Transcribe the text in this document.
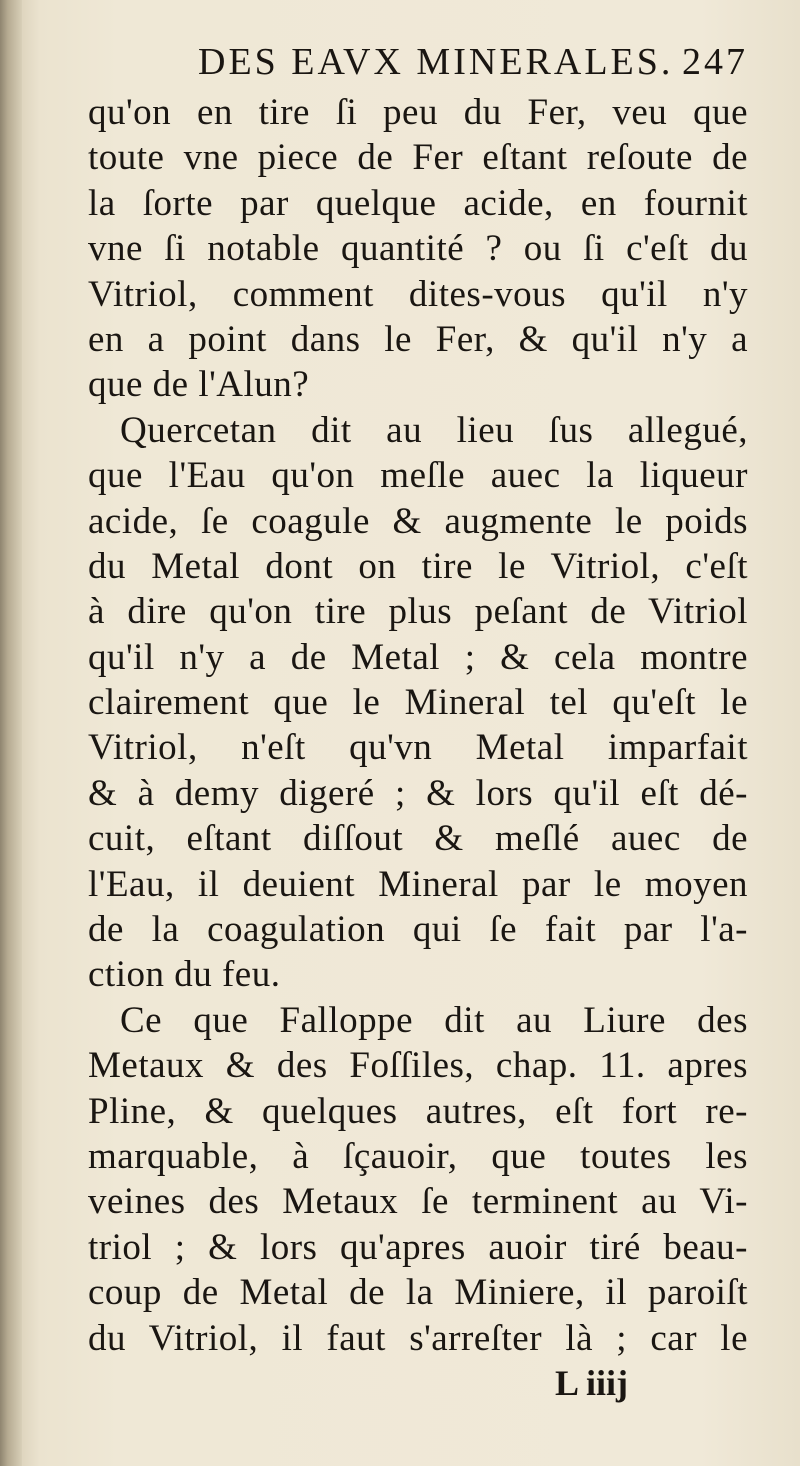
DES EAVX MINERALES. 247
qu'on en tire ſi peu du Fer, veu que
toute vne piece de Fer eſtant reſoute de
la ſorte par quelque acide, en fournit
vne ſi notable quantité ? ou ſi c'eſt du
Vitriol, comment dites-vous qu'il n'y
en a point dans le Fer, & qu'il n'y a
que de l'Alun?
Quercetan dit au lieu ſus allegué,
que l'Eau qu'on meſle auec la liqueur
acide, ſe coagule & augmente le poids
du Metal dont on tire le Vitriol, c'eſt
à dire qu'on tire plus peſant de Vitriol
qu'il n'y a de Metal ; & cela montre
clairement que le Mineral tel qu'eſt le
Vitriol, n'eſt qu'vn Metal imparfait
& à demy digeré ; & lors qu'il eſt dé-
cuit, eſtant diſſout & meſlé auec de
l'Eau, il deuient Mineral par le moyen
de la coagulation qui ſe fait par l'a-
ction du feu.
Ce que Falloppe dit au Liure des
Metaux & des Foſſiles, chap. 11. apres
Pline, & quelques autres, eſt fort re-
marquable, à ſçauoir, que toutes les
veines des Metaux ſe terminent au Vi-
triol ; & lors qu'apres auoir tiré beau-
coup de Metal de la Miniere, il paroiſt
du Vitriol, il faut s'arreſter là ; car le
L iiij
